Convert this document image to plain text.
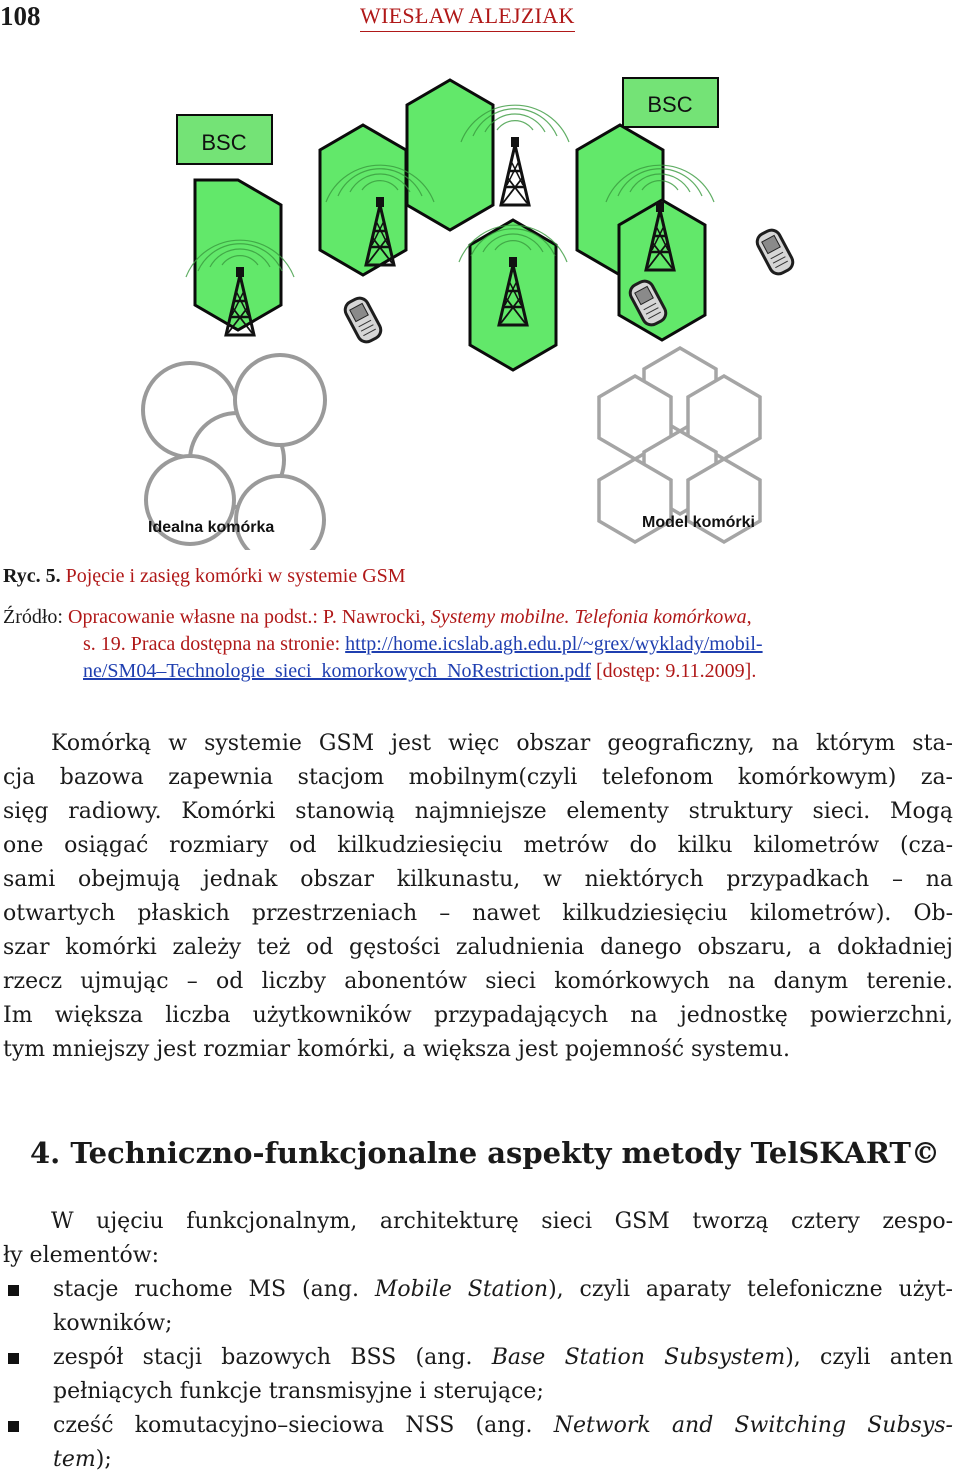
108	WIESŁAW ALEJZIAK
BSC
BSC
Idealna komórka	Model komórki
Ryc. 5. Pojęcie i zasięg komórki w systemie GSM
Źródło: Opracowanie własne na podst.: P. Nawrocki, Systemy mobilne. Telefonia komórkowa,
s. 19. Praca dostępna na stronie: http://home.icslab.agh.edu.pl/~grex/wyklady/mobil-
ne/SM04–Technologie_sieci_komorkowych_NoRestriction.pdf [dostęp: 9.11.2009].
Komórką w systemie GSM jest więc obszar geograficzny, na którym sta-
cja bazowa zapewnia stacjom mobilnym(czyli telefonom komórkowym) za-
sięg radiowy. Komórki stanowią najmniejsze elementy struktury sieci. Mogą
one osiągać rozmiary od kilkudziesięciu metrów do kilku kilometrów (cza-
sami obejmują jednak obszar kilkunastu, w niektórych przypadkach – na
otwartych płaskich przestrzeniach – nawet kilkudziesięciu kilometrów). Ob-
szar komórki zależy też od gęstości zaludnienia danego obszaru, a dokładniej
rzecz ujmując – od liczby abonentów sieci komórkowych na danym terenie.
Im większa liczba użytkowników przypadających na jednostkę powierzchni,
tym mniejszy jest rozmiar komórki, a większa jest pojemność systemu.
4. Techniczno-funkcjonalne aspekty metody TelSKART©
W ujęciu funkcjonalnym, architekturę sieci GSM tworzą cztery zespo-
ły elementów:
stacje ruchome MS (ang. Mobile Station), czyli aparaty telefoniczne użyt-
kowników;
zespół stacji bazowych BSS (ang. Base Station Subsystem), czyli anten
pełniących funkcje transmisyjne i sterujące;
cześć komutacyjno–sieciowa NSS (ang. Network and Switching Subsys-
tem);
